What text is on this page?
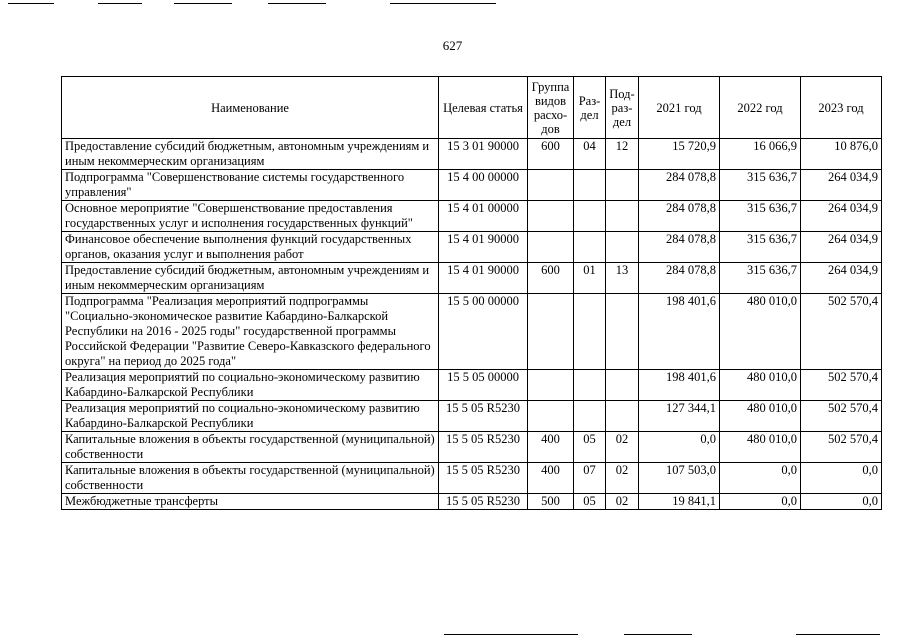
627
Наименование	Целевая статья	Группа видов расхо-дов	Раз-дел	Под-раз-дел	2021 год	2022 год	2023 год
Предоставление субсидий бюджетным, автономным учреждениям и иным некоммерческим организациям	15 3 01 90000	600	04	12	15 720,9	16 066,9	10 876,0
Подпрограмма "Совершенствование системы государственного управления"	15 4 00 00000				284 078,8	315 636,7	264 034,9
Основное мероприятие "Совершенствование предоставления государственных услуг и исполнения государственных функций"	15 4 01 00000				284 078,8	315 636,7	264 034,9
Финансовое обеспечение выполнения функций государственных органов, оказания услуг и выполнения работ	15 4 01 90000				284 078,8	315 636,7	264 034,9
Предоставление субсидий бюджетным, автономным учреждениям и иным некоммерческим организациям	15 4 01 90000	600	01	13	284 078,8	315 636,7	264 034,9
Подпрограмма "Реализация мероприятий подпрограммы "Социально-экономическое развитие Кабардино-Балкарской Республики на 2016 - 2025 годы" государственной программы Российской Федерации "Развитие Северо-Кавказского федерального округа" на период до 2025 года"	15 5 00 00000				198 401,6	480 010,0	502 570,4
Реализация мероприятий по социально-экономическому развитию Кабардино-Балкарской Республики	15 5 05 00000				198 401,6	480 010,0	502 570,4
Реализация мероприятий по социально-экономическому развитию Кабардино-Балкарской Республики	15 5 05 R5230				127 344,1	480 010,0	502 570,4
Капитальные вложения в объекты государственной (муниципальной) собственности	15 5 05 R5230	400	05	02	0,0	480 010,0	502 570,4
Капитальные вложения в объекты государственной (муниципальной) собственности	15 5 05 R5230	400	07	02	107 503,0	0,0	0,0
Межбюджетные трансферты	15 5 05 R5230	500	05	02	19 841,1	0,0	0,0
